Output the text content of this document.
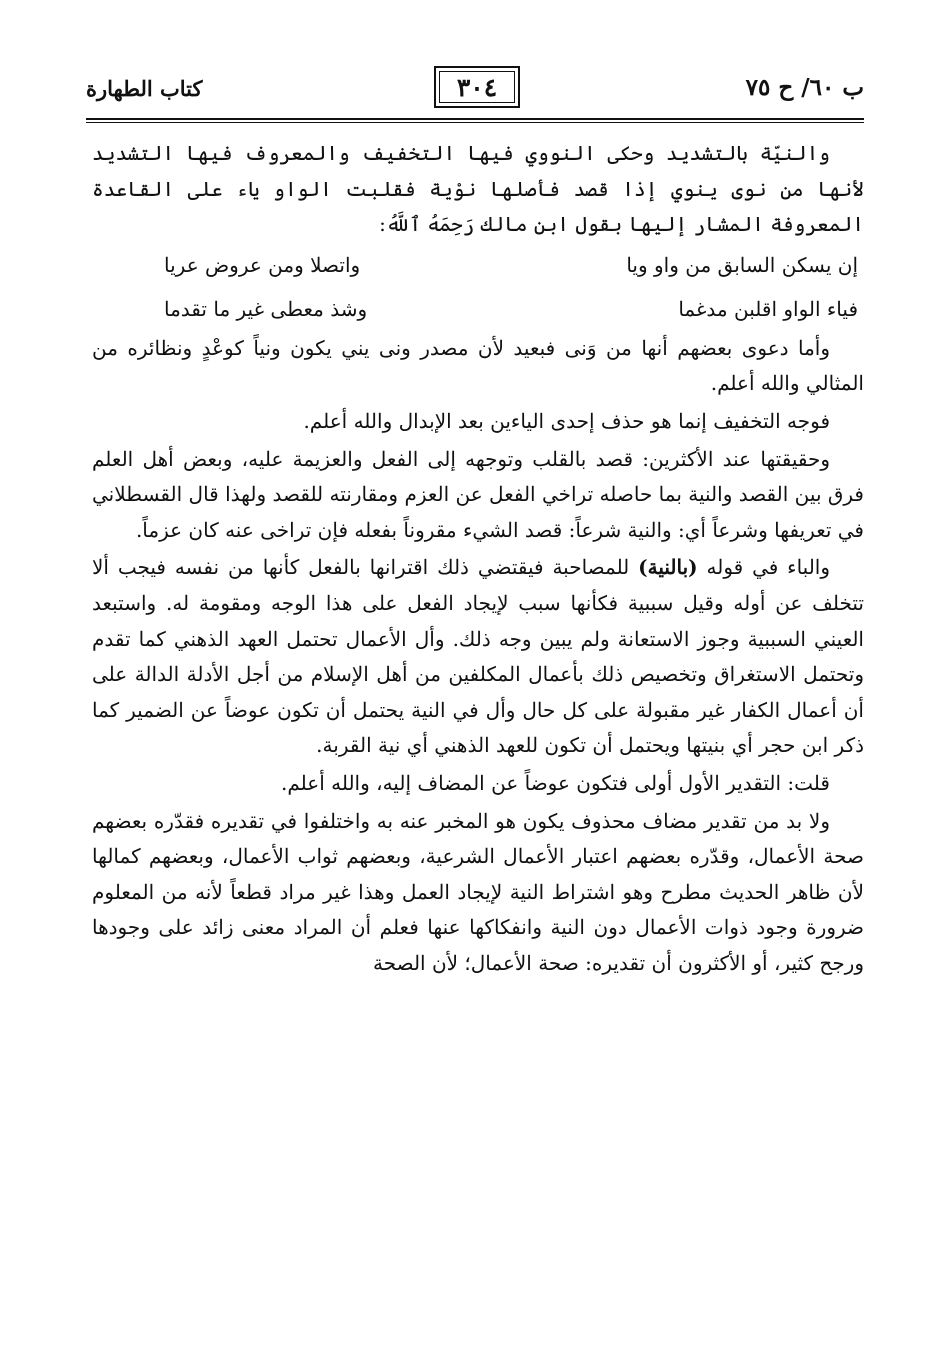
ب ٦٠/ ح ٧٥
٣٠٤
كتاب الطهارة

والنيّة بالتشديد وحكى النووي فيها التخفيف والمعروف فيها التشديد لأنها من نوى ينوي إذا قصد فأصلها نوْية فقلبت الواو ياء على القاعدة المعروفة المشار إليها بقول ابن مالك رَحِمَهُ ٱللَّهُ:

إن يسكن السابق من واو ويا
واتصلا ومن عروض عريا
فياء الواو اقلبن مدغما
وشذ معطى غير ما تقدما

وأما دعوى بعضهم أنها من وَنى فبعيد لأن مصدر ونى يني يكون ونياً كوعْدٍ ونظائره من المثالي والله أعلم.

فوجه التخفيف إنما هو حذف إحدى الياءين بعد الإبدال والله أعلم.

وحقيقتها عند الأكثرين: قصد بالقلب وتوجهه إلى الفعل والعزيمة عليه، وبعض أهل العلم فرق بين القصد والنية بما حاصله تراخي الفعل عن العزم ومقارنته للقصد ولهذا قال القسطلاني في تعريفها وشرعاً أي: والنية شرعاً: قصد الشيء مقروناً بفعله فإن تراخى عنه كان عزماً.

والباء في قوله (بالنية) للمصاحبة فيقتضي ذلك اقترانها بالفعل كأنها من نفسه فيجب ألا تتخلف عن أوله وقيل سببية فكأنها سبب لإيجاد الفعل على هذا الوجه ومقومة له. واستبعد العيني السببية وجوز الاستعانة ولم يبين وجه ذلك. وأل الأعمال تحتمل العهد الذهني كما تقدم وتحتمل الاستغراق وتخصيص ذلك بأعمال المكلفين من أهل الإسلام من أجل الأدلة الدالة على أن أعمال الكفار غير مقبولة على كل حال وأل في النية يحتمل أن تكون عوضاً عن الضمير كما ذكر ابن حجر أي بنيتها ويحتمل أن تكون للعهد الذهني أي نية القربة.

قلت: التقدير الأول أولى فتكون عوضاً عن المضاف إليه، والله أعلم.

ولا بد من تقدير مضاف محذوف يكون هو المخبر عنه به واختلفوا في تقديره فقدّره بعضهم صحة الأعمال، وقدّره بعضهم اعتبار الأعمال الشرعية، وبعضهم ثواب الأعمال، وبعضهم كمالها لأن ظاهر الحديث مطرح وهو اشتراط النية لإيجاد العمل وهذا غير مراد قطعاً لأنه من المعلوم ضرورة وجود ذوات الأعمال دون النية وانفكاكها عنها فعلم أن المراد معنى زائد على وجودها ورجح كثير، أو الأكثرون أن تقديره: صحة الأعمال؛ لأن الصحة
